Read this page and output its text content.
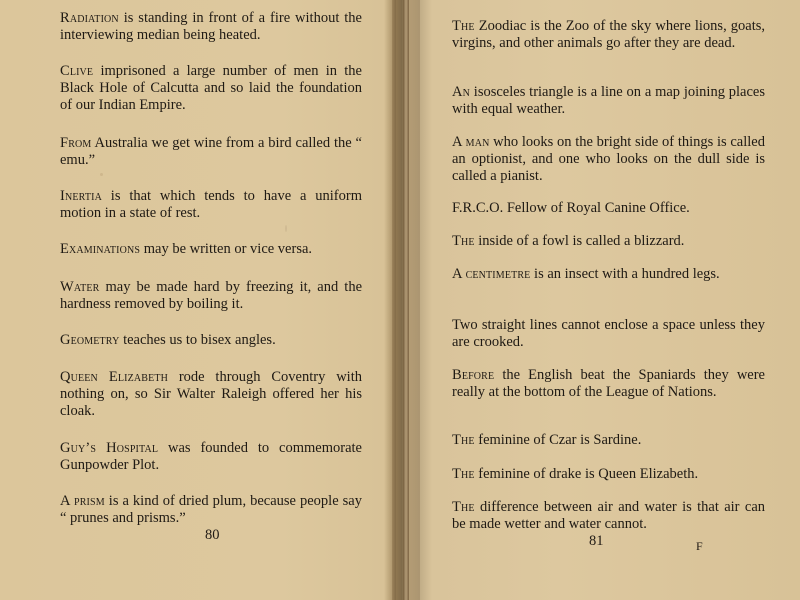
Radiation is standing in front of a fire without the interviewing median being heated.

Clive imprisoned a large number of men in the Black Hole of Calcutta and so laid the foundation of our Indian Empire.

From Australia we get wine from a bird called the “ emu.”

Inertia is that which tends to have a uniform motion in a state of rest.

Examinations may be written or vice versa.

Water may be made hard by freezing it, and the hardness removed by boiling it.

Geometry teaches us to bisex angles.

Queen Elizabeth rode through Coventry with nothing on, so Sir Walter Raleigh offered her his cloak.

Guy’s Hospital was founded to commemorate Gunpowder Plot.

A prism is a kind of dried plum, because people say “ prunes and prisms.”

80

The Zoodiac is the Zoo of the sky where lions, goats, virgins, and other animals go after they are dead.

An isosceles triangle is a line on a map joining places with equal weather.

A man who looks on the bright side of things is called an optionist, and one who looks on the dull side is called a pianist.

F.R.C.O. Fellow of Royal Canine Office.

The inside of a fowl is called a blizzard.

A centimetre is an insect with a hundred legs.

Two straight lines cannot enclose a space unless they are crooked.

Before the English beat the Spaniards they were really at the bottom of the League of Nations.

The feminine of Czar is Sardine.

The feminine of drake is Queen Elizabeth.

The difference between air and water is that air can be made wetter and water cannot.

81	F
